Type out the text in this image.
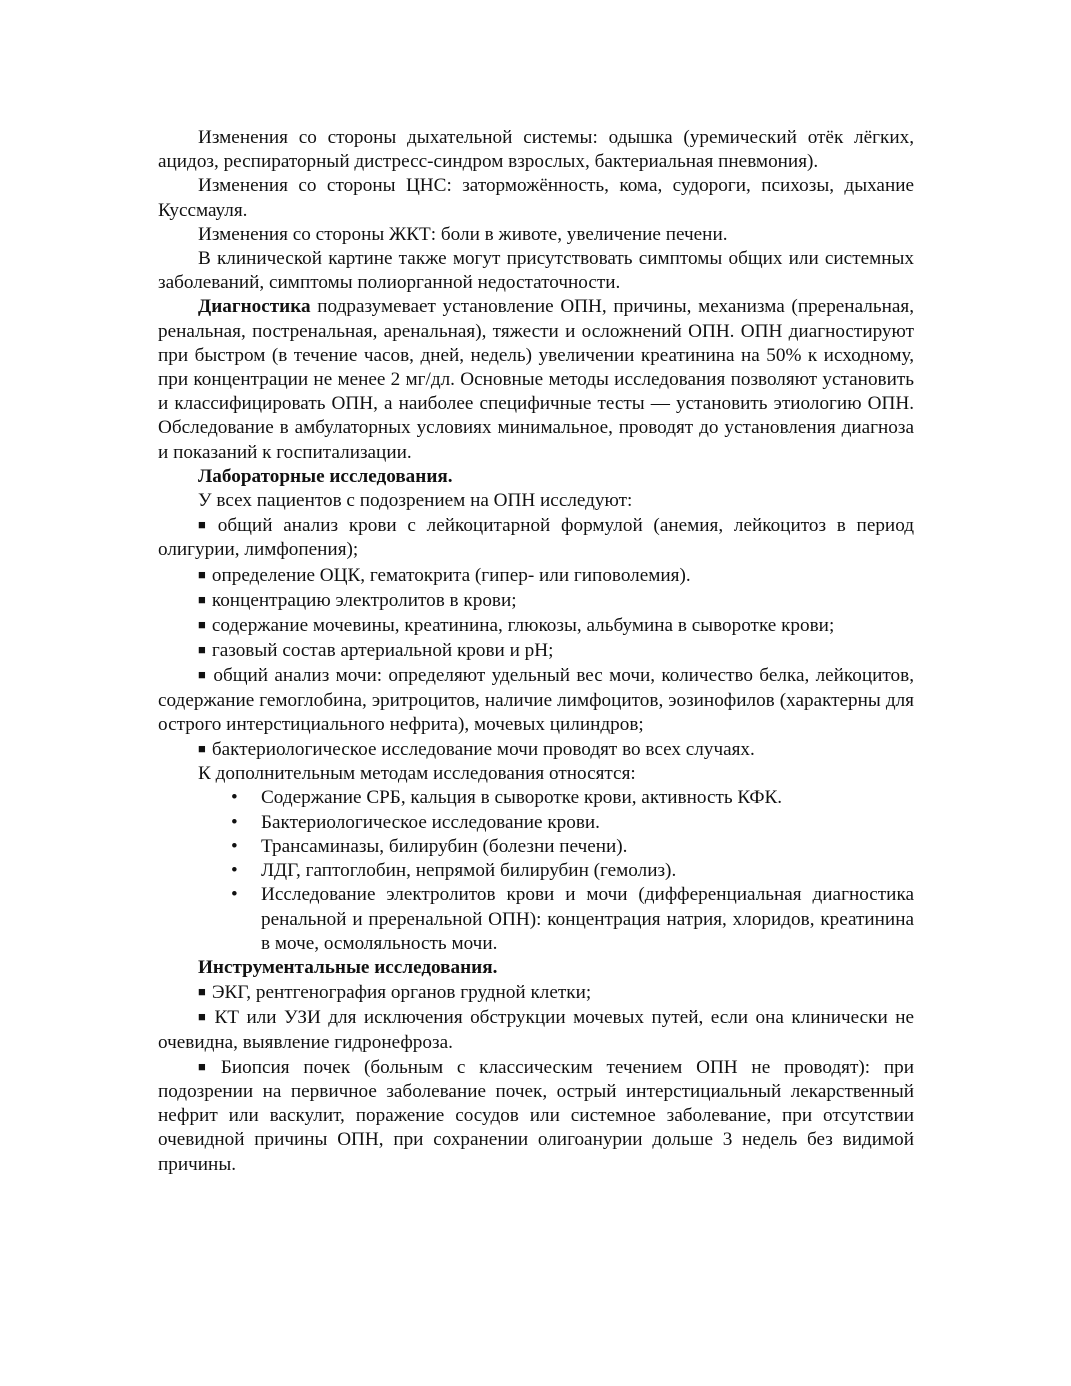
Изменения со стороны дыхательной системы: одышка (уремический отёк лёгких, ацидоз, респираторный дистресс-синдром взрослых, бактериальная пневмония).

Изменения со стороны ЦНС: заторможённость, кома, судороги, психозы, дыхание Куссмауля.

Изменения со стороны ЖКТ: боли в животе, увеличение печени.

В клинической картине также могут присутствовать симптомы общих или системных заболеваний, симптомы полиорганной недостаточности.

Диагностика подразумевает установление ОПН, причины, механизма (преренальная, ренальная, постренальная, аренальная), тяжести и осложнений ОПН. ОПН диагностируют при быстром (в течение часов, дней, недель) увеличении креатинина на 50% к исходному, при концентрации не менее 2 мг/дл. Основные методы исследования позволяют установить и классифицировать ОПН, а наиболее специфичные тесты — установить этиологию ОПН. Обследование в амбулаторных условиях минимальное, проводят до установления диагноза и показаний к госпитализации.

Лабораторные исследования.

У всех пациентов с подозрением на ОПН исследуют:

■ общий анализ крови с лейкоцитарной формулой (анемия, лейкоцитоз в период олигурии, лимфопения);

■ определение ОЦК, гематокрита (гипер- или гиповолемия).

■ концентрацию электролитов в крови;

■ содержание мочевины, креатинина, глюкозы, альбумина в сыворотке крови;

■ газовый состав артериальной крови и рН;

■ общий анализ мочи: определяют удельный вес мочи, количество белка, лейкоцитов, содержание гемоглобина, эритроцитов, наличие лимфоцитов, эозинофилов (характерны для острого интерстициального нефрита), мочевых цилиндров;

■ бактериологическое исследование мочи проводят во всех случаях.

К дополнительным методам исследования относятся:

• Содержание СРБ, кальция в сыворотке крови, активность КФК.
• Бактериологическое исследование крови.
• Трансаминазы, билирубин (болезни печени).
• ЛДГ, гаптоглобин, непрямой билирубин (гемолиз).
• Исследование электролитов крови и мочи (дифференциальная диагностика ренальной и преренальной ОПН): концентрация натрия, хлоридов, креатинина в моче, осмоляльность мочи.

Инструментальные исследования.

■ ЭКГ, рентгенография органов грудной клетки;

■ КТ или УЗИ для исключения обструкции мочевых путей, если она клинически не очевидна, выявление гидронефроза.

■ Биопсия почек (больным с классическим течением ОПН не проводят): при подозрении на первичное заболевание почек, острый интерстициальный лекарственный нефрит или васкулит, поражение сосудов или системное заболевание, при отсутствии очевидной причины ОПН, при сохранении олигоанурии дольше 3 недель без видимой причины.
